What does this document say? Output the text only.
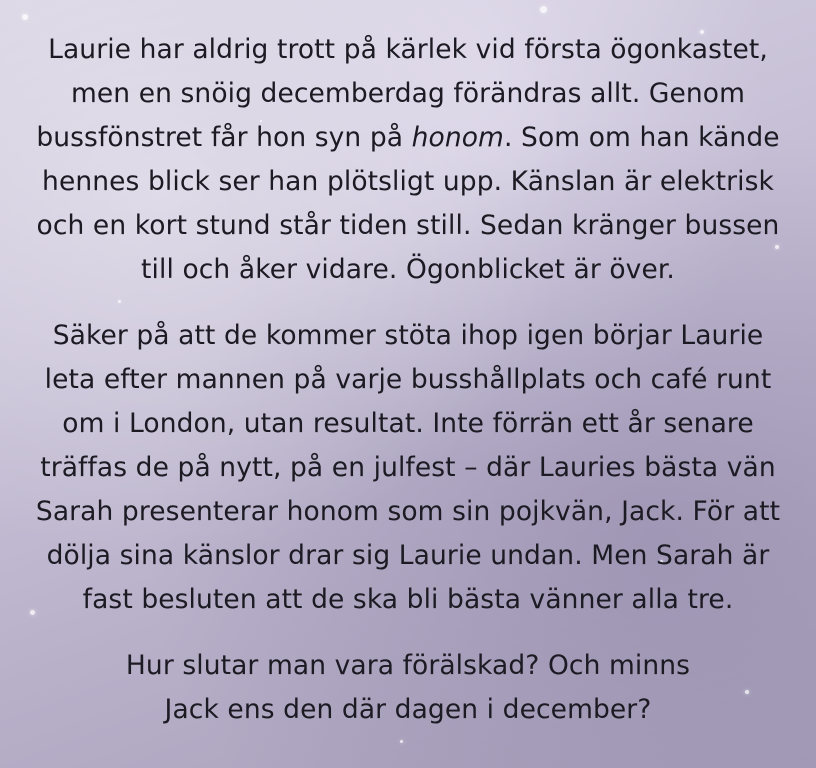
Laurie har aldrig trott på kärlek vid första ögonkastet,
men en snöig decemberdag förändras allt. Genom
bussfönstret får hon syn på honom. Som om han kände
hennes blick ser han plötsligt upp. Känslan är elektrisk
och en kort stund står tiden still. Sedan kränger bussen
till och åker vidare. Ögonblicket är över.

Säker på att de kommer stöta ihop igen börjar Laurie
leta efter mannen på varje busshållplats och café runt
om i London, utan resultat. Inte förrän ett år senare
träffas de på nytt, på en julfest – där Lauries bästa vän
Sarah presenterar honom som sin pojkvän, Jack. För att
dölja sina känslor drar sig Laurie undan. Men Sarah är
fast besluten att de ska bli bästa vänner alla tre.

Hur slutar man vara förälskad? Och minns
Jack ens den där dagen i december?
